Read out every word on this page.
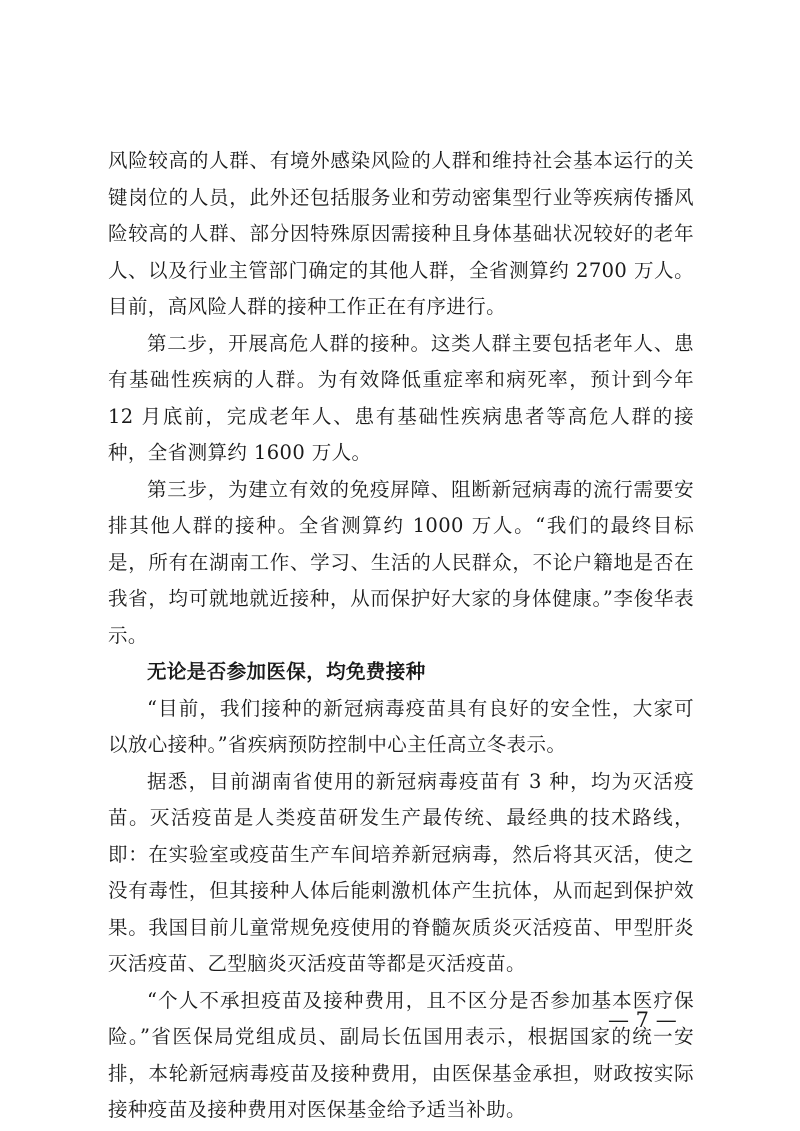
风险较高的人群、有境外感染风险的人群和维持社会基本运行的关键岗位的人员，此外还包括服务业和劳动密集型行业等疾病传播风险较高的人群、部分因特殊原因需接种且身体基础状况较好的老年人、以及行业主管部门确定的其他人群，全省测算约 2700 万人。目前，高风险人群的接种工作正在有序进行。

第二步，开展高危人群的接种。这类人群主要包括老年人、患有基础性疾病的人群。为有效降低重症率和病死率，预计到今年 12 月底前，完成老年人、患有基础性疾病患者等高危人群的接种，全省测算约 1600 万人。

第三步，为建立有效的免疫屏障、阻断新冠病毒的流行需要安排其他人群的接种。全省测算约 1000 万人。“我们的最终目标是，所有在湖南工作、学习、生活的人民群众，不论户籍地是否在我省，均可就地就近接种，从而保护好大家的身体健康。”李俊华表示。

无论是否参加医保，均免费接种

“目前，我们接种的新冠病毒疫苗具有良好的安全性，大家可以放心接种。”省疾病预防控制中心主任高立冬表示。

据悉，目前湖南省使用的新冠病毒疫苗有 3 种，均为灭活疫苗。灭活疫苗是人类疫苗研发生产最传统、最经典的技术路线，即：在实验室或疫苗生产车间培养新冠病毒，然后将其灭活，使之没有毒性，但其接种人体后能刺激机体产生抗体，从而起到保护效果。我国目前儿童常规免疫使用的脊髓灰质炎灭活疫苗、甲型肝炎灭活疫苗、乙型脑炎灭活疫苗等都是灭活疫苗。

“个人不承担疫苗及接种费用，且不区分是否参加基本医疗保险。”省医保局党组成员、副局长伍国用表示，根据国家的统一安排，本轮新冠病毒疫苗及接种费用，由医保基金承担，财政按实际接种疫苗及接种费用对医保基金给予适当补助。

— 7 —
